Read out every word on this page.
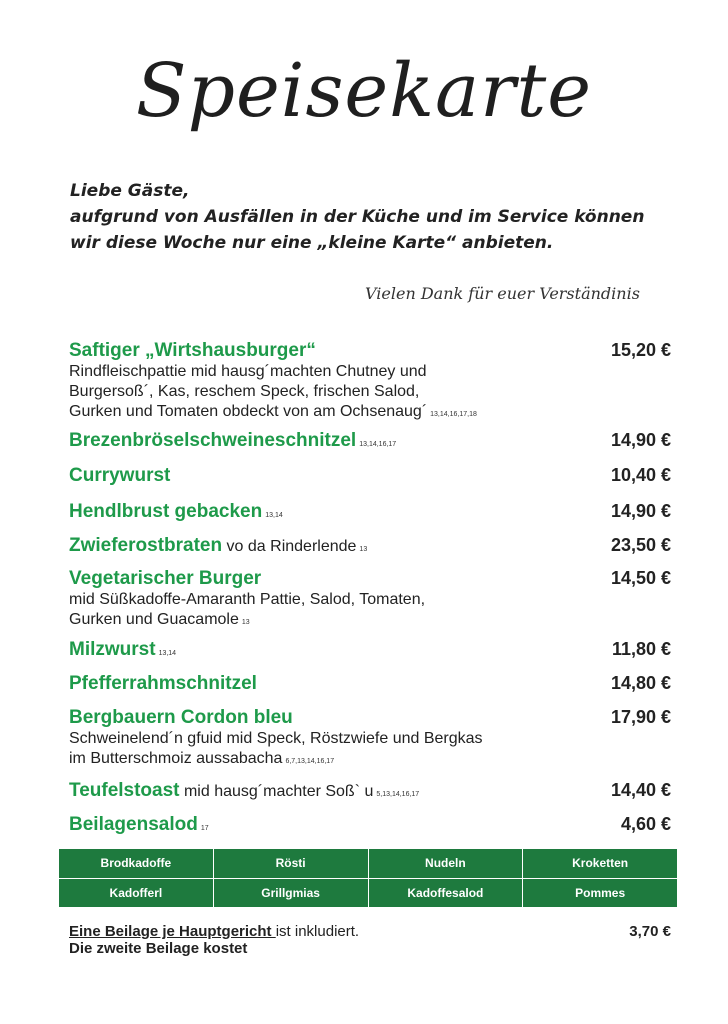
Speisekarte
Liebe Gäste,
aufgrund von Ausfällen in der Küche und im Service können
wir diese Woche nur eine „kleine Karte“ anbieten.
Vielen Dank für euer Verständinis
Saftiger „Wirtshausburger“	15,20 €
Rindfleischpattie mid hausg´machten Chutney und
Burgersoß´, Kas, reschem Speck, frischen Salod,
Gurken und Tomaten obdeckt von am Ochsenaug´ 13,14,16,17,18
Brezenbröselschweineschnitzel 13,14,16,17	14,90 €
Currywurst	10,40 €
Hendlbrust gebacken 13,14	14,90 €
Zwieferostbraten vo da Rinderlende 13	23,50 €
Vegetarischer Burger	14,50 €
mid Süßkadoffe-Amaranth Pattie, Salod, Tomaten,
Gurken und Guacamole 13
Milzwurst 13,14	11,80 €
Pfefferrahmschnitzel	14,80 €
Bergbauern Cordon bleu	17,90 €
Schweinelend´n gfuid mid Speck, Röstzwiefe und Bergkas
im Butterschmoiz aussabacha 6,7,13,14,16,17
Teufelstoast mid hausg´machter Soß` u 5,13,14,16,17	14,40 €
Beilagensalod 17	4,60 €
Brodkadoffe	Rösti	Nudeln	Kroketten
Kadofferl	Grillgmias	Kadoffesalod	Pommes
Eine Beilage je Hauptgericht ist inkludiert.	3,70 €
Die zweite Beilage kostet
